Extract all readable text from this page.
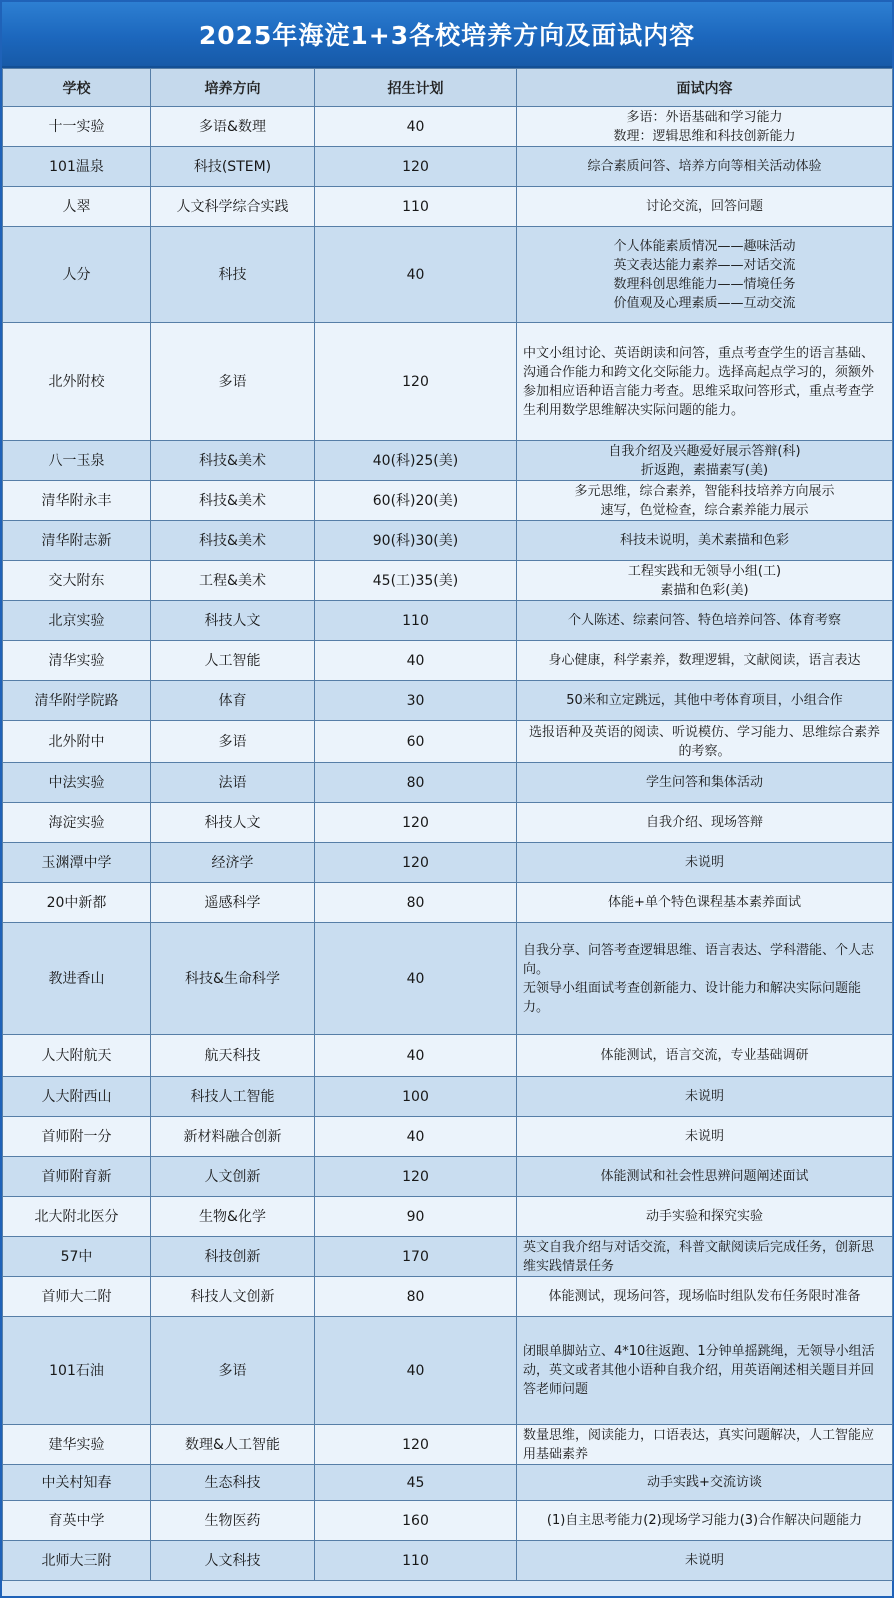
2025年海淀1+3各校培养方向及面试内容
学校	培养方向	招生计划	面试内容
十一实验	多语&数理	40	多语：外语基础和学习能力
数理：逻辑思维和科技创新能力

101温泉	科技(STEM)	120	综合素质问答、培养方向等相关活动体验

人翠	人文科学综合实践	110	讨论交流，回答问题

人分	科技	40	个人体能素质情况——趣味活动
英文表达能力素养——对话交流
数理科创思维能力——情境任务
价值观及心理素质——互动交流

北外附校	多语	120	中文小组讨论、英语朗读和问答，重点考查学生的语言基础、沟通合作能力和跨文化交际能力。选择高起点学习的，须额外参加相应语种语言能力考查。思维采取问答形式，重点考查学生利用数学思维解决实际问题的能力。

八一玉泉	科技&美术	40(科)25(美)	自我介绍及兴趣爱好展示答辩(科)
折返跑，素描素写(美)

清华附永丰	科技&美术	60(科)20(美)	多元思维，综合素养，智能科技培养方向展示
速写，色觉检查，综合素养能力展示

清华附志新	科技&美术	90(科)30(美)	科技未说明，美术素描和色彩

交大附东	工程&美术	45(工)35(美)	工程实践和无领导小组(工)
素描和色彩(美)

北京实验	科技人文	110	个人陈述、综素问答、特色培养问答、体育考察

清华实验	人工智能	40	身心健康，科学素养，数理逻辑，文献阅读，语言表达

清华附学院路	体育	30	50米和立定跳远，其他中考体育项目，小组合作

北外附中	多语	60	选报语种及英语的阅读、听说模仿、学习能力、思维综合素养的考察。

中法实验	法语	80	学生问答和集体活动

海淀实验	科技人文	120	自我介绍、现场答辩

玉渊潭中学	经济学	120	未说明

20中新都	遥感科学	80	体能+单个特色课程基本素养面试

教进香山	科技&生命科学	40	自我分享、问答考查逻辑思维、语言表达、学科潜能、个人志向。
无领导小组面试考查创新能力、设计能力和解决实际问题能力。

人大附航天	航天科技	40	体能测试，语言交流，专业基础调研

人大附西山	科技人工智能	100	未说明

首师附一分	新材料融合创新	40	未说明

首师附育新	人文创新	120	体能测试和社会性思辨问题阐述面试

北大附北医分	生物&化学	90	动手实验和探究实验

57中	科技创新	170	英文自我介绍与对话交流，科普文献阅读后完成任务，创新思维实践情景任务

首师大二附	科技人文创新	80	体能测试，现场问答，现场临时组队发布任务限时准备

101石油	多语	40	闭眼单脚站立、4*10往返跑、1分钟单摇跳绳，无领导小组活动，英文或者其他小语种自我介绍，用英语阐述相关题目并回答老师问题

建华实验	数理&人工智能	120	数量思维，阅读能力，口语表达，真实问题解决，人工智能应用基础素养

中关村知春	生态科技	45	动手实践+交流访谈

育英中学	生物医药	160	(1)自主思考能力(2)现场学习能力(3)合作解决问题能力

北师大三附	人文科技	110	未说明
